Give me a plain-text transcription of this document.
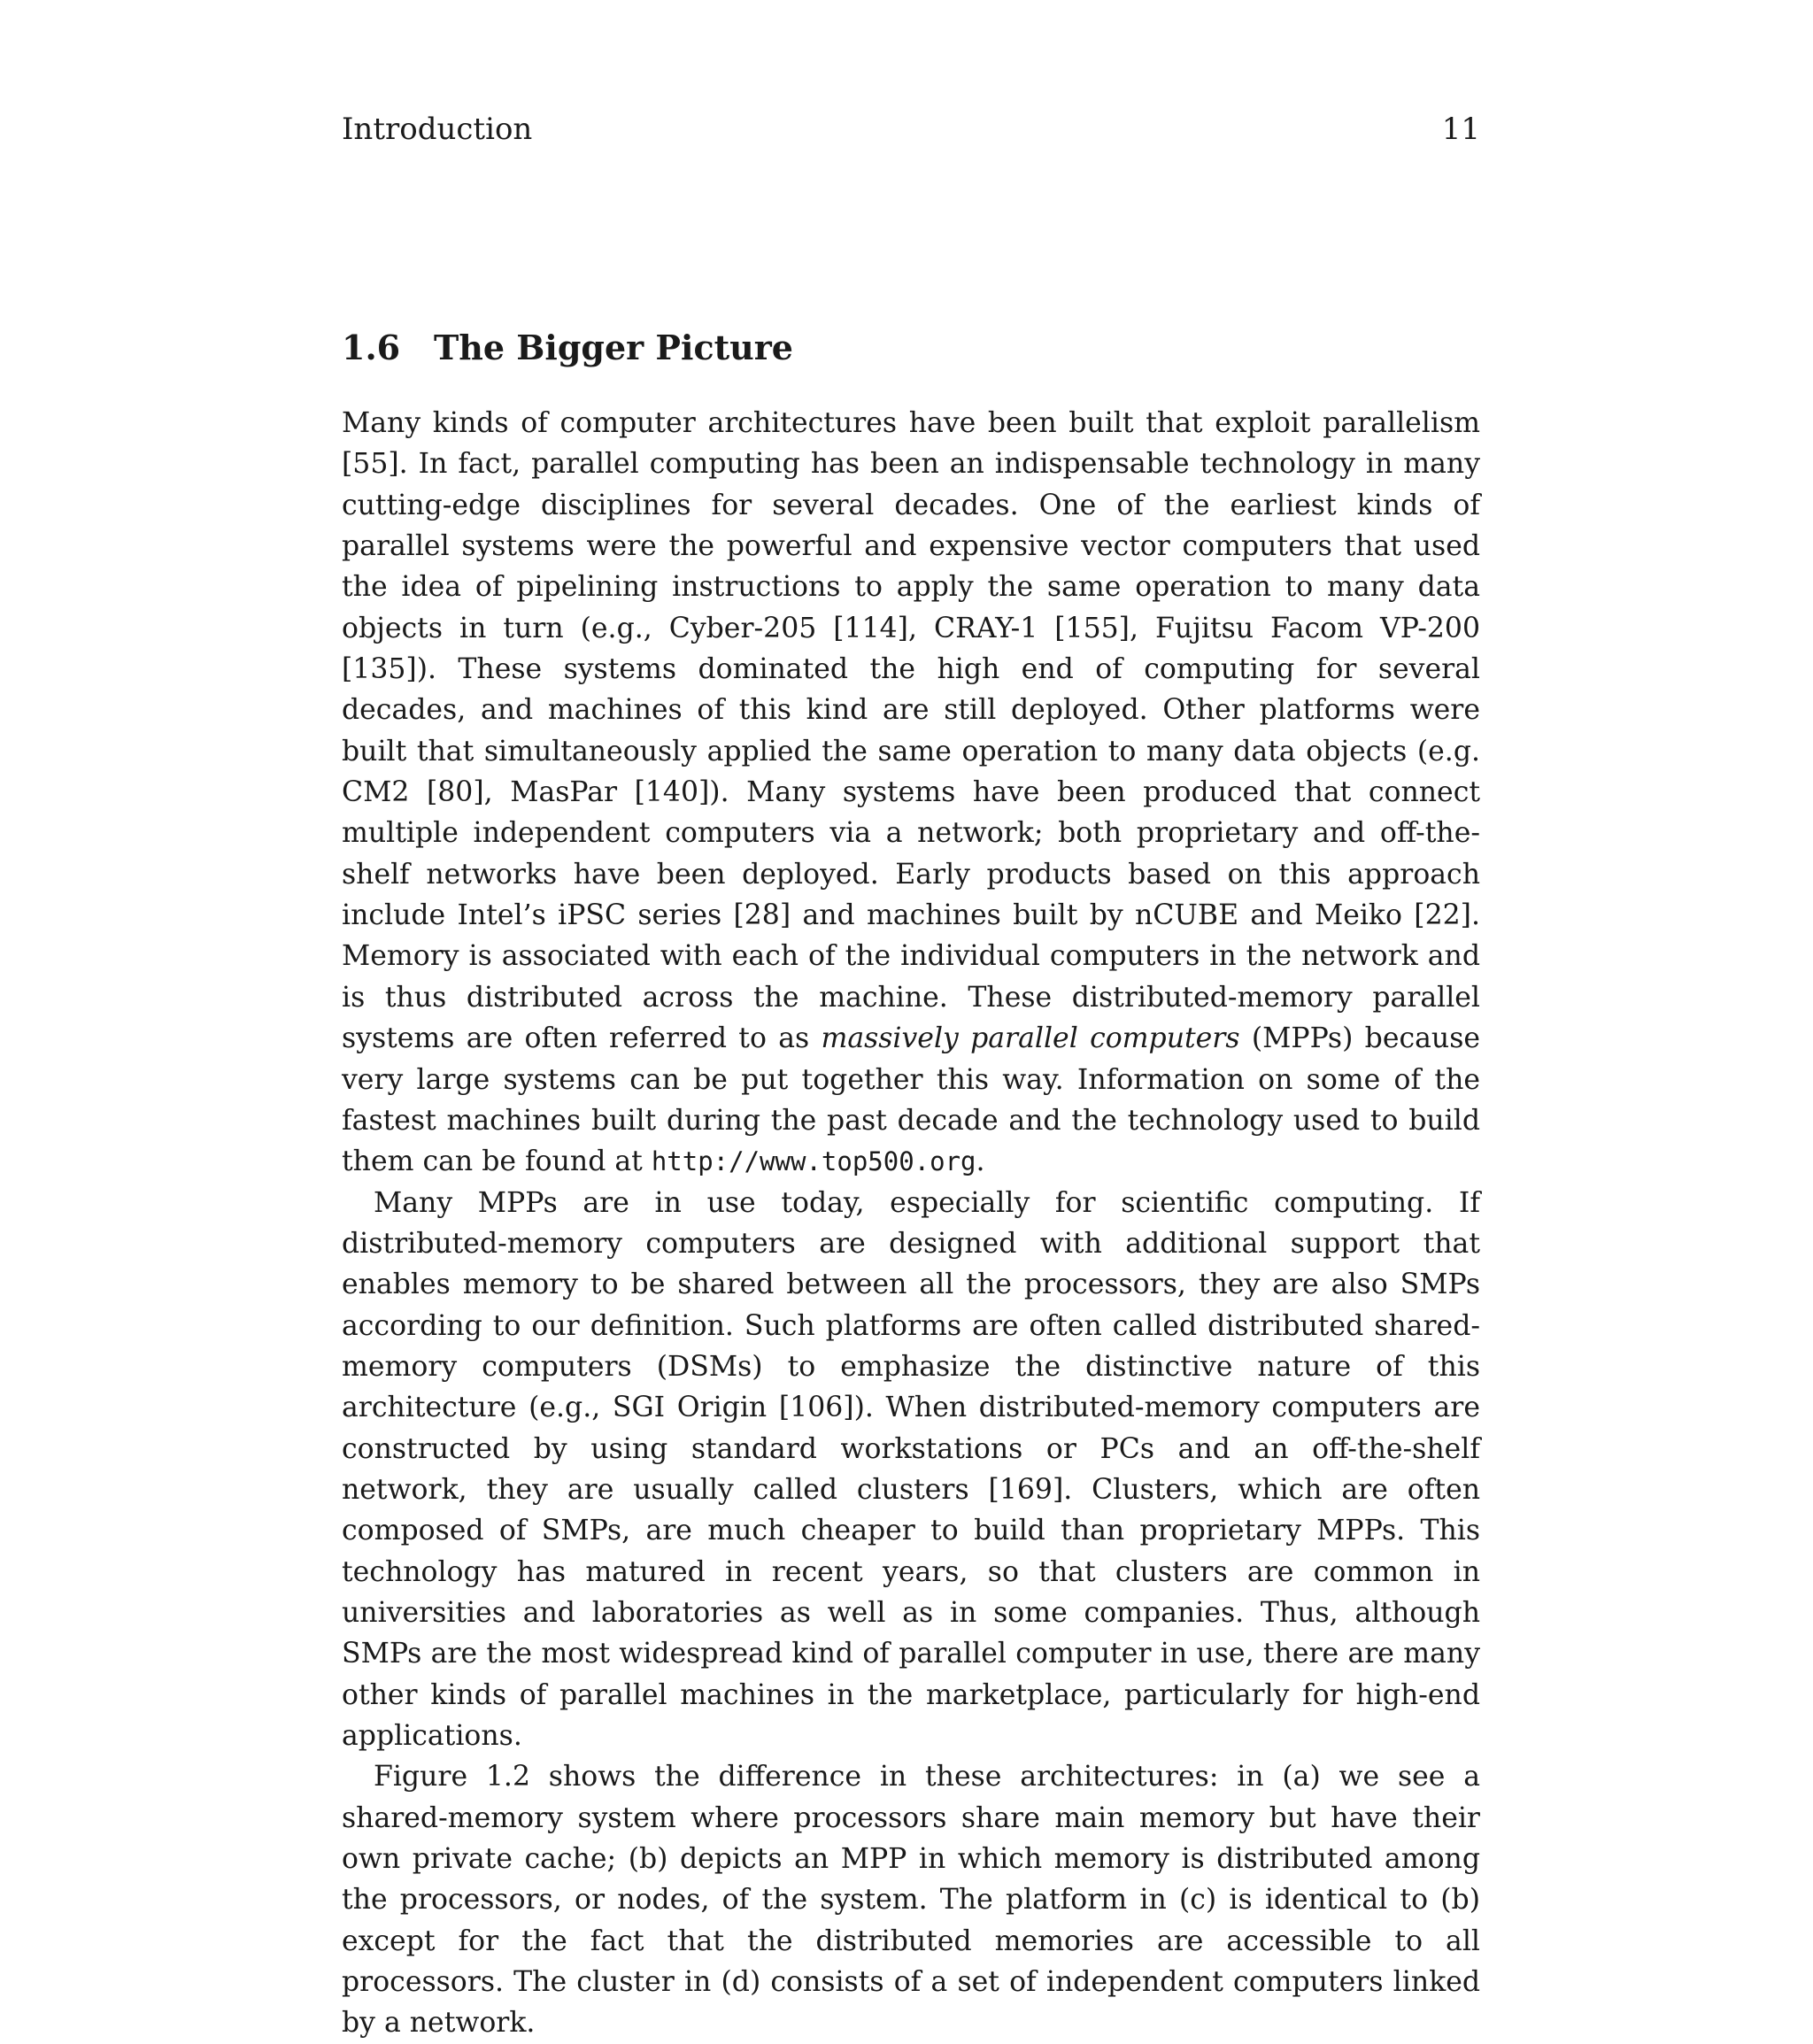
Introduction	11
1.6 The Bigger Picture

Many kinds of computer architectures have been built that exploit parallelism [55]. In fact, parallel computing has been an indispensable technology in many cutting-edge disciplines for several decades. One of the earliest kinds of parallel systems were the powerful and expensive vector computers that used the idea of pipelining instructions to apply the same operation to many data objects in turn (e.g., Cyber-205 [114], CRAY-1 [155], Fujitsu Facom VP-200 [135]). These systems dominated the high end of computing for several decades, and machines of this kind are still deployed. Other platforms were built that simultaneously applied the same operation to many data objects (e.g. CM2 [80], MasPar [140]). Many systems have been produced that connect multiple independent computers via a network; both proprietary and off-the-shelf networks have been deployed. Early products based on this approach include Intel’s iPSC series [28] and machines built by nCUBE and Meiko [22]. Memory is associated with each of the individual computers in the network and is thus distributed across the machine. These distributed-memory parallel systems are often referred to as massively parallel computers (MPPs) because very large systems can be put together this way. Information on some of the fastest machines built during the past decade and the technology used to build them can be found at http://www.top500.org.

Many MPPs are in use today, especially for scientific computing. If distributed-memory computers are designed with additional support that enables memory to be shared between all the processors, they are also SMPs according to our definition. Such platforms are often called distributed shared-memory computers (DSMs) to emphasize the distinctive nature of this architecture (e.g., SGI Origin [106]). When distributed-memory computers are constructed by using standard workstations or PCs and an off-the-shelf network, they are usually called clusters [169]. Clusters, which are often composed of SMPs, are much cheaper to build than proprietary MPPs. This technology has matured in recent years, so that clusters are common in universities and laboratories as well as in some companies. Thus, although SMPs are the most widespread kind of parallel computer in use, there are many other kinds of parallel machines in the marketplace, particularly for high-end applications.

Figure 1.2 shows the difference in these architectures: in (a) we see a shared-memory system where processors share main memory but have their own private cache; (b) depicts an MPP in which memory is distributed among the processors, or nodes, of the system. The platform in (c) is identical to (b) except for the fact that the distributed memories are accessible to all processors. The cluster in (d) consists of a set of independent computers linked by a network.
